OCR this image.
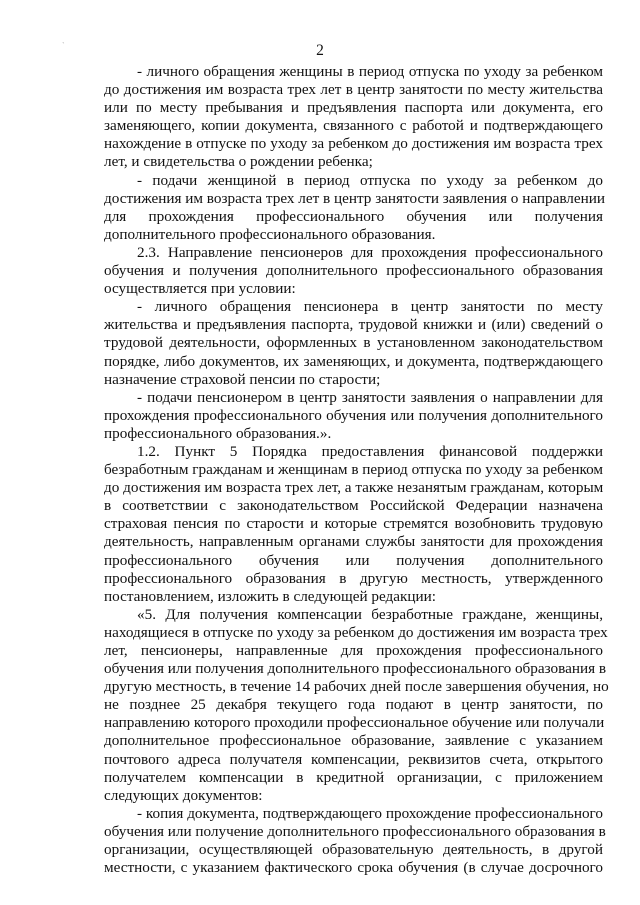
ˋ	2

- личного обращения женщины в период отпуска по уходу за ребенком
до достижения им возраста трех лет в центр занятости по месту жительства
или по месту пребывания и предъявления паспорта или документа, его
заменяющего, копии документа, связанного с работой и подтверждающего
нахождение в отпуске по уходу за ребенком до достижения им возраста трех
лет, и свидетельства о рождении ребенка;

- подачи женщиной в период отпуска по уходу за ребенком до
достижения им возраста трех лет в центр занятости заявления о направлении
для прохождения профессионального обучения или получения
дополнительного профессионального образования.

2.3. Направление пенсионеров для прохождения профессионального
обучения и получения дополнительного профессионального образования
осуществляется при условии:

- личного обращения пенсионера в центр занятости по месту
жительства и предъявления паспорта, трудовой книжки и (или) сведений о
трудовой деятельности, оформленных в установленном законодательством
порядке, либо документов, их заменяющих, и документа, подтверждающего
назначение страховой пенсии по старости;

- подачи пенсионером в центр занятости заявления о направлении для
прохождения профессионального обучения или получения дополнительного
профессионального образования.».

1.2. Пункт 5 Порядка предоставления финансовой поддержки
безработным гражданам и женщинам в период отпуска по уходу за ребенком
до достижения им возраста трех лет, а также незанятым гражданам, которым
в соответствии с законодательством Российской Федерации назначена
страховая пенсия по старости и которые стремятся возобновить трудовую
деятельность, направленным органами службы занятости для прохождения
профессионального обучения или получения дополнительного
профессионального образования в другую местность, утвержденного
постановлением, изложить в следующей редакции:

«5. Для получения компенсации безработные граждане, женщины,
находящиеся в отпуске по уходу за ребенком до достижения им возраста трех
лет, пенсионеры, направленные для прохождения профессионального
обучения или получения дополнительного профессионального образования в
другую местность, в течение 14 рабочих дней после завершения обучения, но
не позднее 25 декабря текущего года подают в центр занятости, по
направлению которого проходили профессиональное обучение или получали
дополнительное профессиональное образование, заявление с указанием
почтового адреса получателя компенсации, реквизитов счета, открытого
получателем компенсации в кредитной организации, с приложением
следующих документов:

- копия документа, подтверждающего прохождение профессионального
обучения или получение дополнительного профессионального образования в
организации, осуществляющей образовательную деятельность, в другой
местности, с указанием фактического срока обучения (в случае досрочного
